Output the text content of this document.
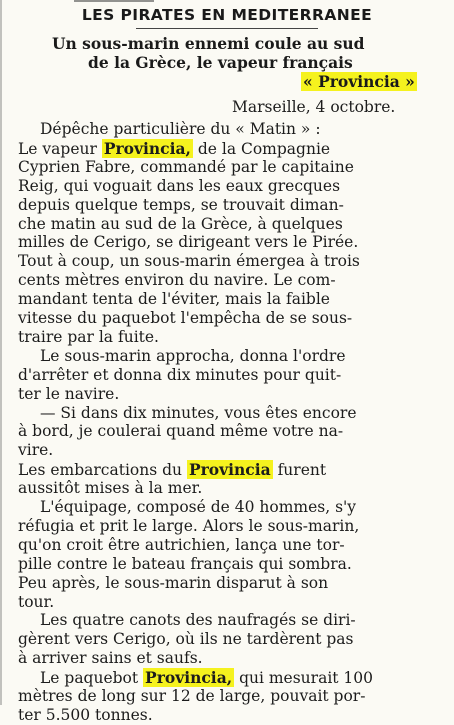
LES PIRATES EN MEDITERRANEE
Un sous-marin ennemi coule au sud
de la Grèce, le vapeur français
« Provincia »
Marseille, 4 octobre.
Dépêche particulière du « Matin » :
Le vapeur Provincia, de la Compagnie
Cyprien Fabre, commandé par le capitaine
Reig, qui voguait dans les eaux grecques
depuis quelque temps, se trouvait diman-
che matin au sud de la Grèce, à quelques
milles de Cerigo, se dirigeant vers le Pirée.
Tout à coup, un sous-marin émergea à trois
cents mètres environ du navire. Le com-
mandant tenta de l'éviter, mais la faible
vitesse du paquebot l'empêcha de se sous-
traire par la fuite.
Le sous-marin approcha, donna l'ordre
d'arrêter et donna dix minutes pour quit-
ter le navire.
— Si dans dix minutes, vous êtes encore
à bord, je coulerai quand même votre na-
vire.
Les embarcations du Provincia furent
aussitôt mises à la mer.
L'équipage, composé de 40 hommes, s'y
réfugia et prit le large. Alors le sous-marin,
qu'on croit être autrichien, lança une tor-
pille contre le bateau français qui sombra.
Peu après, le sous-marin disparut à son
tour.
Les quatre canots des naufragés se diri-
gèrent vers Cerigo, où ils ne tardèrent pas
à arriver sains et saufs.
Le paquebot Provincia, qui mesurait 100
mètres de long sur 12 de large, pouvait por-
ter 5.500 tonnes.
